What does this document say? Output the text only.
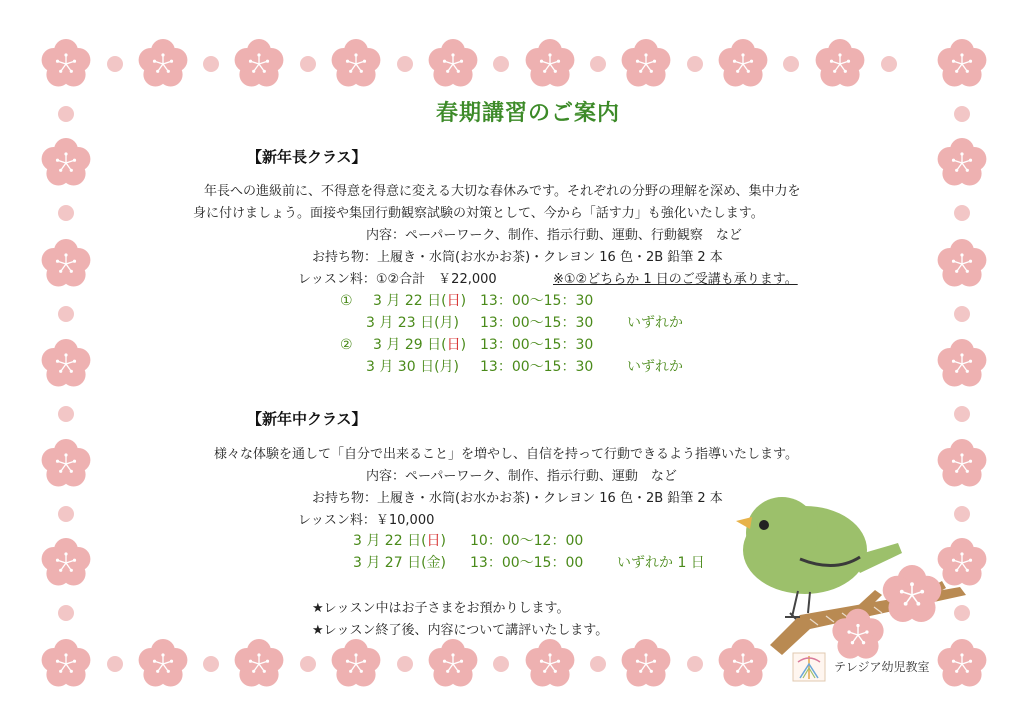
春期講習のご案内
【新年長クラス】
年長への進級前に、不得意を得意に変える大切な春休みです。それぞれの分野の理解を深め、集中力を
身に付けましょう。面接や集団行動観察試験の対策として、今から「話す力」も強化いたします。
内容：ペーパーワーク、制作、指示行動、運動、行動観察　など
お持ち物：上履き・水筒(お水かお茶)・クレヨン 16 色・2B 鉛筆 2 本
レッスン料：①②合計　￥22,000	※①②どちらか 1 日のご受講も承ります。
① 3 月 22 日(日) 13：00～15：30
3 月 23 日(月) 13：00～15：30 いずれか
② 3 月 29 日(日) 13：00～15：30
3 月 30 日(月) 13：00～15：30 いずれか
【新年中クラス】
様々な体験を通して「自分で出来ること」を増やし、自信を持って行動できるよう指導いたします。
内容：ペーパーワーク、制作、指示行動、運動　など
お持ち物：上履き・水筒(お水かお茶)・クレヨン 16 色・2B 鉛筆 2 本
レッスン料：￥10,000
3 月 22 日(日) 10：00～12：00
3 月 27 日(金) 13：00～15：00 いずれか 1 日
★レッスン中はお子さまをお預かりします。
★レッスン終了後、内容について講評いたします。
テレジア幼児教室
